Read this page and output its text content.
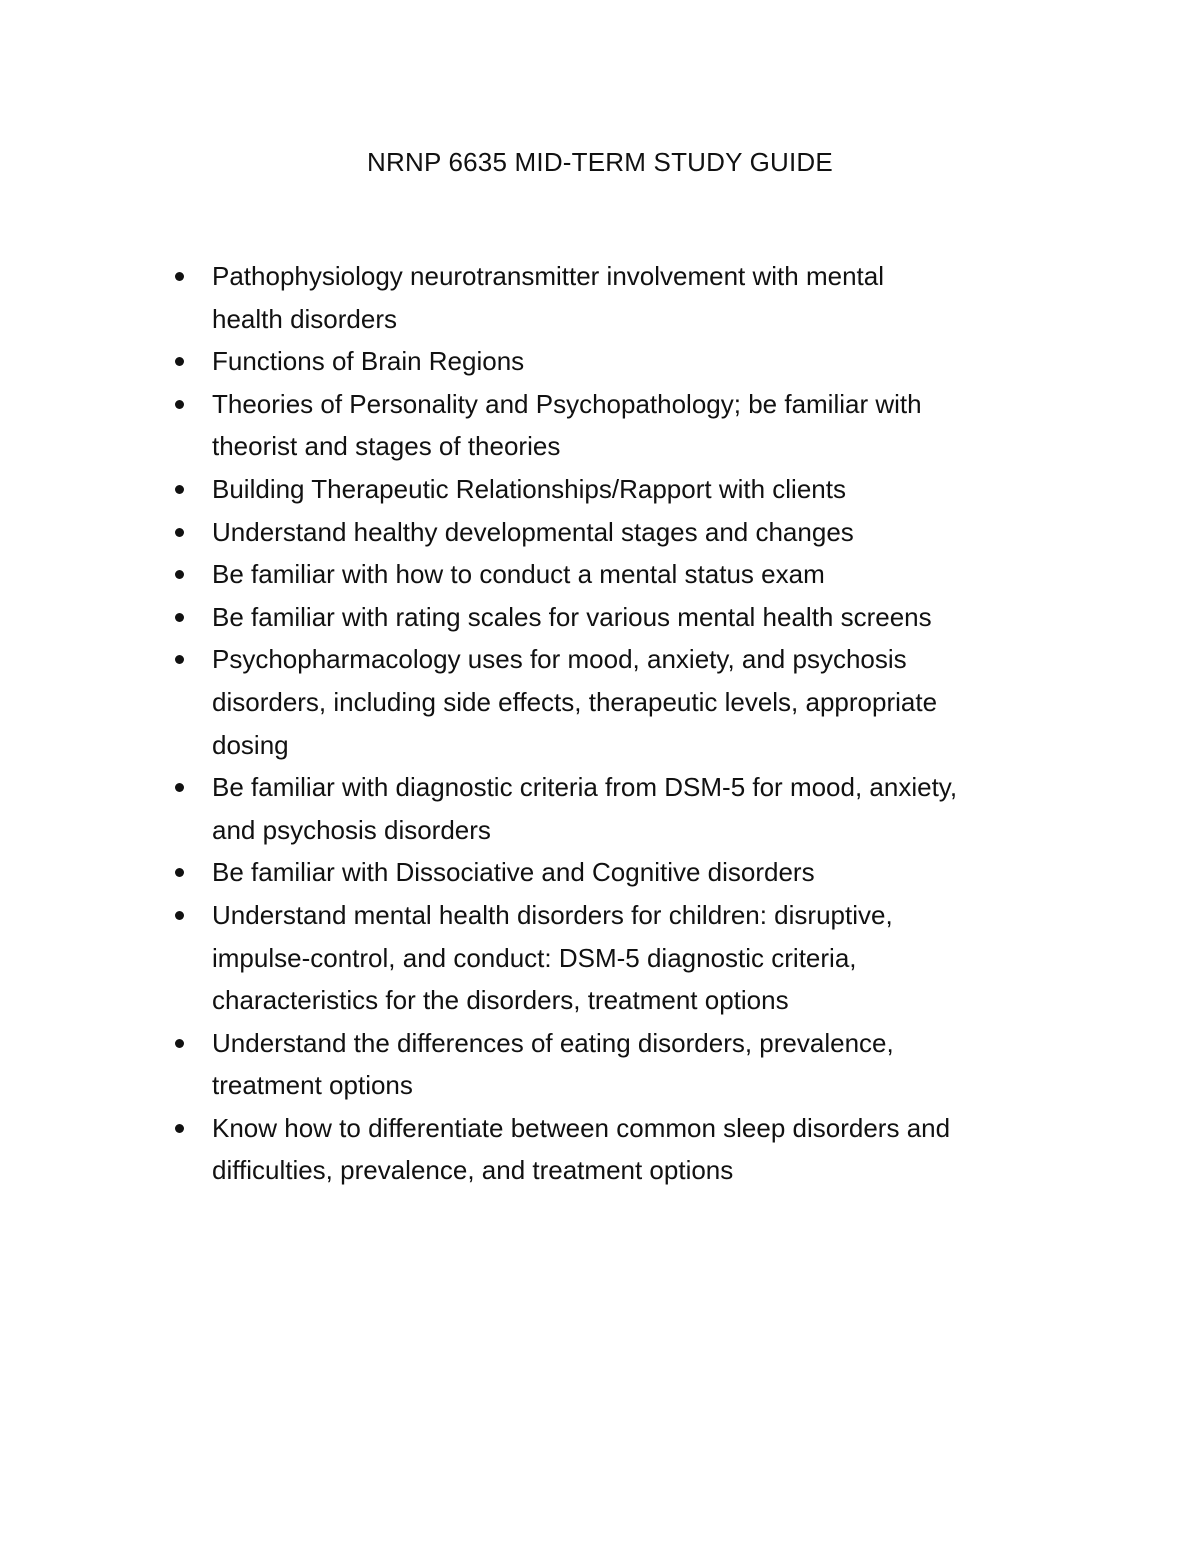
NRNP 6635 MID-TERM STUDY GUIDE
Pathophysiology neurotransmitter involvement with mental
health disorders
Functions of Brain Regions
Theories of Personality and Psychopathology; be familiar with
theorist and stages of theories
Building Therapeutic Relationships/Rapport with clients
Understand healthy developmental stages and changes
Be familiar with how to conduct a mental status exam
Be familiar with rating scales for various mental health screens
Psychopharmacology uses for mood, anxiety, and psychosis
disorders, including side effects, therapeutic levels, appropriate
dosing
Be familiar with diagnostic criteria from DSM-5 for mood, anxiety,
and psychosis disorders
Be familiar with Dissociative and Cognitive disorders
Understand mental health disorders for children: disruptive,
impulse-control, and conduct: DSM-5 diagnostic criteria,
characteristics for the disorders, treatment options
Understand the differences of eating disorders, prevalence,
treatment options
Know how to differentiate between common sleep disorders and
difficulties, prevalence, and treatment options
